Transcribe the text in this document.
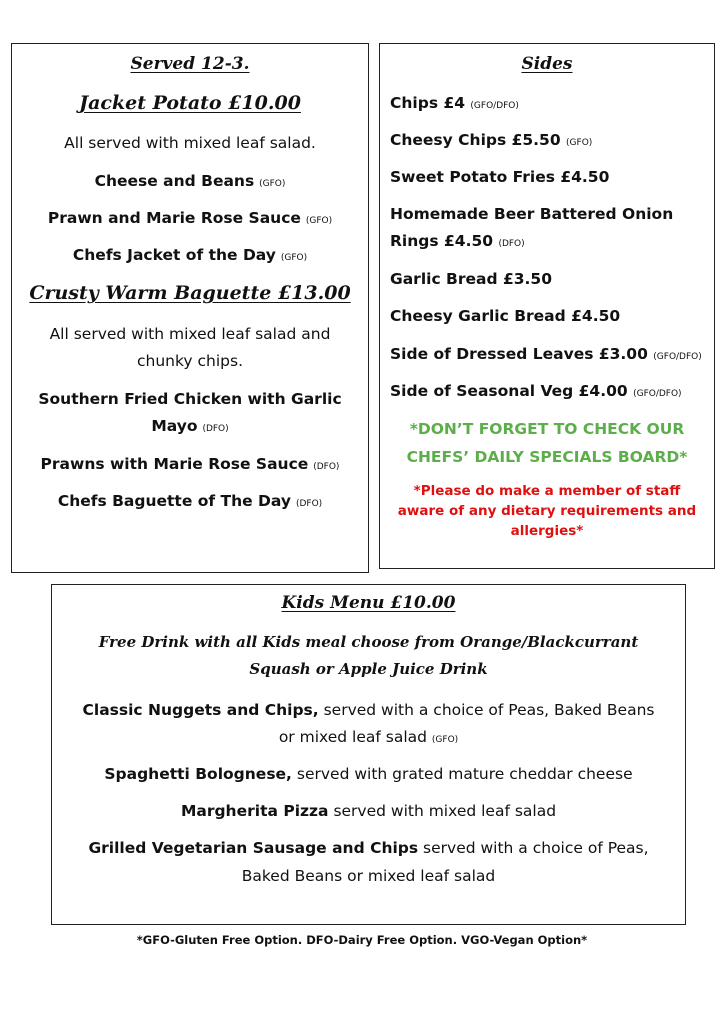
Served 12-3.
Jacket Potato £10.00
All served with mixed leaf salad.
Cheese and Beans (GFO)
Prawn and Marie Rose Sauce (GFO)
Chefs Jacket of the Day (GFO)
Crusty Warm Baguette £13.00
All served with mixed leaf salad and
chunky chips.
Southern Fried Chicken with Garlic
Mayo (DFO)
Prawns with Marie Rose Sauce (DFO)
Chefs Baguette of The Day (DFO)
Sides
Chips £4 (GFO/DFO)
Cheesy Chips £5.50 (GFO)
Sweet Potato Fries £4.50
Homemade Beer Battered Onion
Rings £4.50 (DFO)
Garlic Bread £3.50
Cheesy Garlic Bread £4.50
Side of Dressed Leaves £3.00 (GFO/DFO)
Side of Seasonal Veg £4.00 (GFO/DFO)
*DON’T FORGET TO CHECK OUR
CHEFS’ DAILY SPECIALS BOARD*
*Please do make a member of staff
aware of any dietary requirements and
allergies*
Kids Menu £10.00
Free Drink with all Kids meal choose from Orange/Blackcurrant
Squash or Apple Juice Drink
Classic Nuggets and Chips, served with a choice of Peas, Baked Beans
or mixed leaf salad (GFO)
Spaghetti Bolognese, served with grated mature cheddar cheese
Margherita Pizza served with mixed leaf salad
Grilled Vegetarian Sausage and Chips served with a choice of Peas,
Baked Beans or mixed leaf salad
*GFO-Gluten Free Option. DFO-Dairy Free Option. VGO-Vegan Option*
